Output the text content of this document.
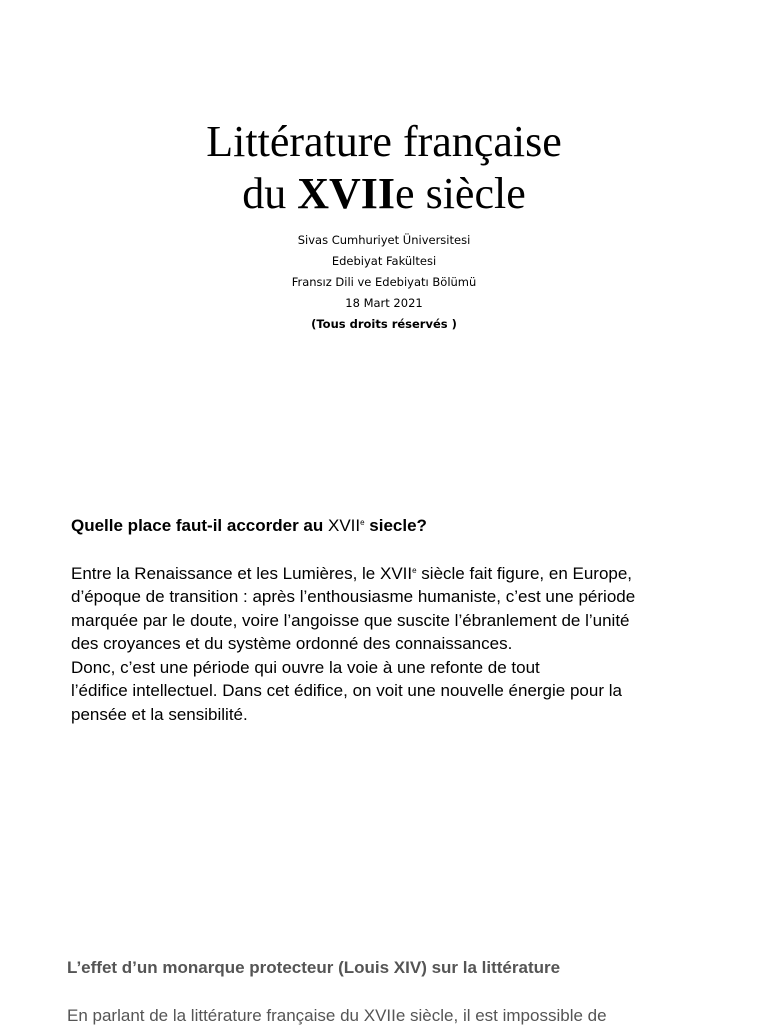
Littérature française
du XVIIe siècle
Sivas Cumhuriyet Üniversitesi
Edebiyat Fakültesi
Fransız Dili ve Edebiyatı Bölümü
18 Mart 2021
(Tous droits réservés )

Quelle place faut-il accorder au XVIIe siecle?

Entre la Renaissance et les Lumières, le XVIIe siècle fait figure, en Europe,
d’époque de transition : après l’enthousiasme humaniste, c’est une période
marquée par le doute, voire l’angoisse que suscite l’ébranlement de l’unité
des croyances et du système ordonné des connaissances.

Donc, c’est une période qui ouvre la voie à une refonte de tout
l’édifice intellectuel. Dans cet édifice, on voit une nouvelle énergie pour la
pensée et la sensibilité.

L’effet d’un monarque protecteur (Louis XIV) sur la littérature

En parlant de la littérature française du XVIIe siècle, il est impossible de
